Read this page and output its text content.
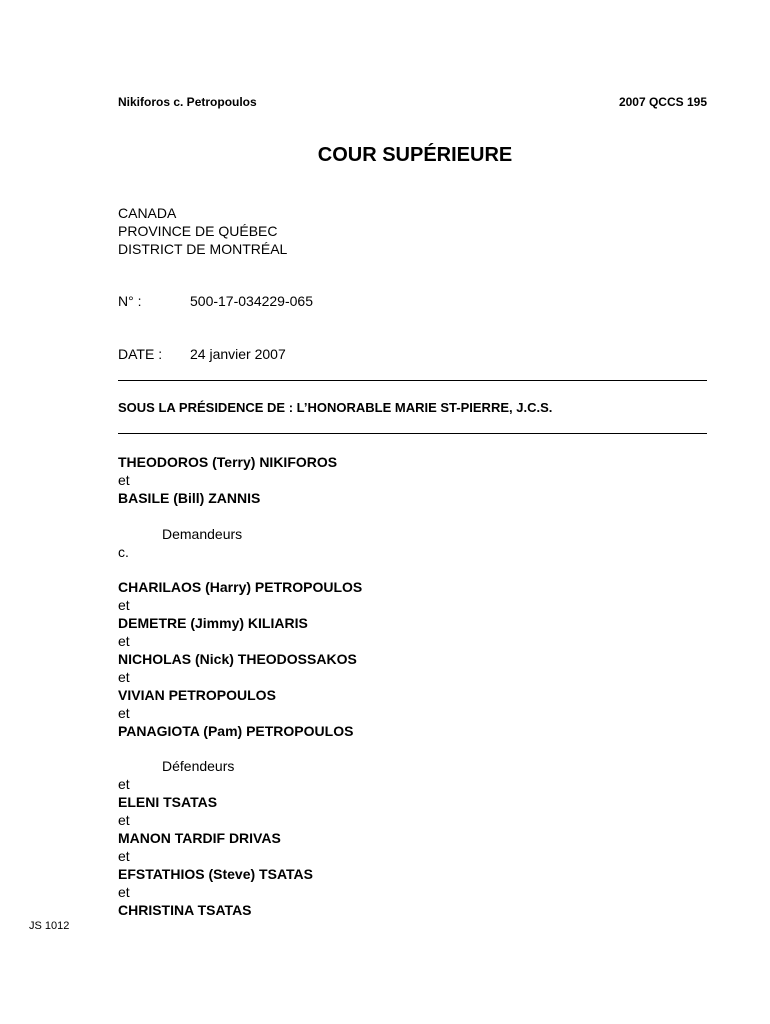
Nikiforos c. Petropoulos	2007 QCCS 195
COUR SUPÉRIEURE
CANADA
PROVINCE DE QUÉBEC
DISTRICT DE MONTRÉAL
N° :	500-17-034229-065
DATE : 24 janvier 2007
SOUS LA PRÉSIDENCE DE : L’HONORABLE MARIE ST-PIERRE, J.C.S.
THEODOROS (Terry) NIKIFOROS
et
BASILE (Bill) ZANNIS
Demandeurs
c.
CHARILAOS (Harry) PETROPOULOS
et
DEMETRE (Jimmy) KILIARIS
et
NICHOLAS (Nick) THEODOSSAKOS
et
VIVIAN PETROPOULOS
et
PANAGIOTA (Pam) PETROPOULOS
Défendeurs
et
ELENI TSATAS
et
MANON TARDIF DRIVAS
et
EFSTATHIOS (Steve) TSATAS
et
CHRISTINA TSATAS
JS 1012
